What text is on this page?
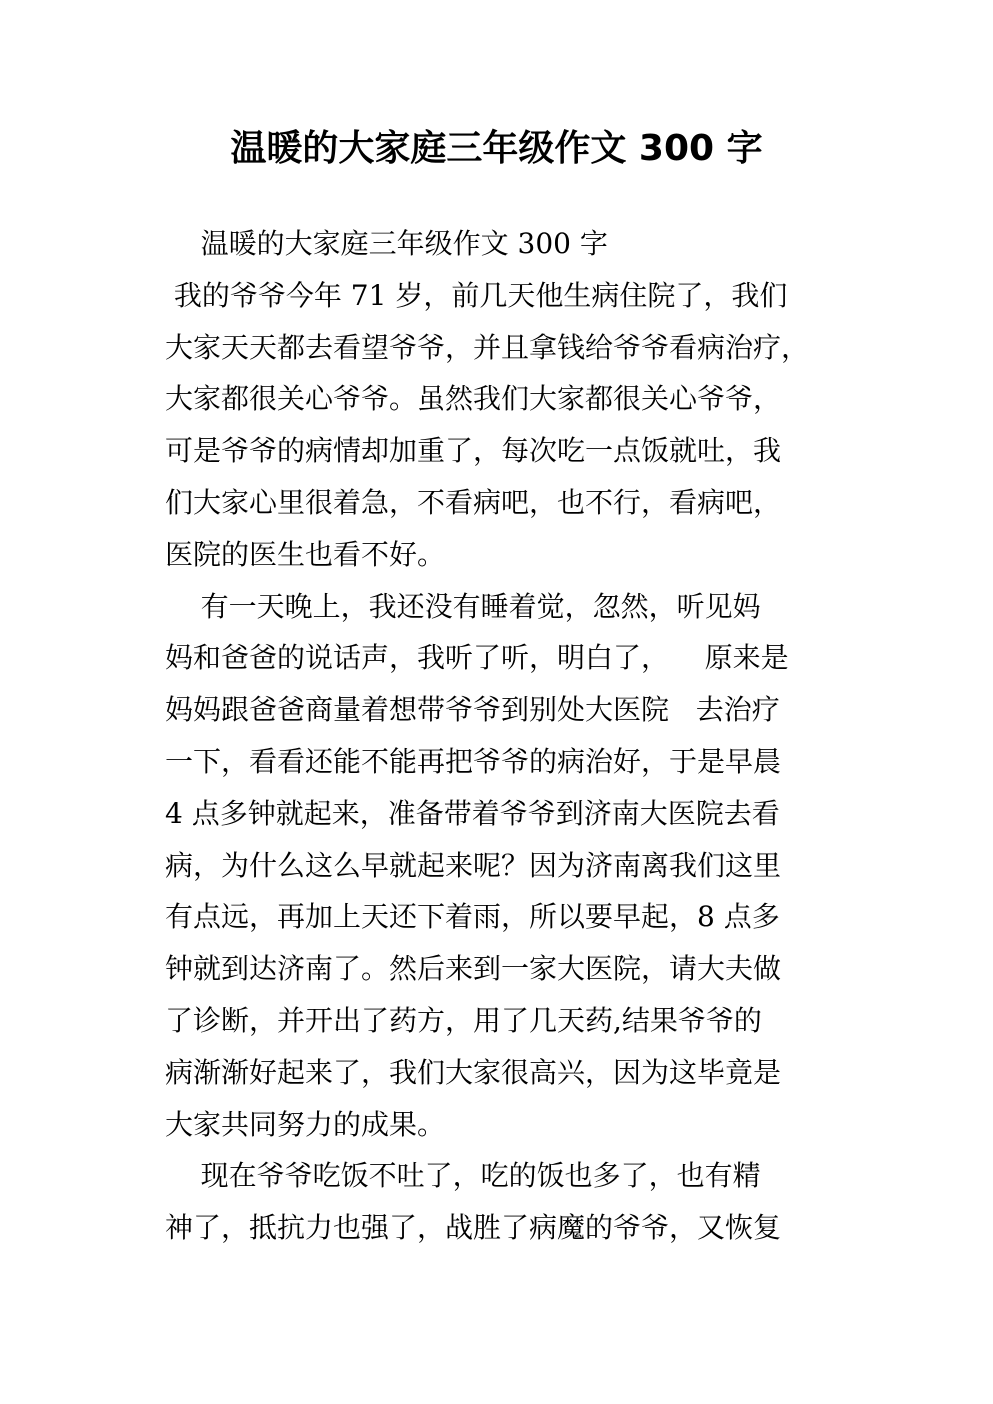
温暖的大家庭三年级作文 300 字
温暖的大家庭三年级作文 300 字
我的爷爷今年 71 岁，前几天他生病住院了，我们
大家天天都去看望爷爷，并且拿钱给爷爷看病治疗，
大家都很关心爷爷。虽然我们大家都很关心爷爷，
可是爷爷的病情却加重了，每次吃一点饭就吐，我
们大家心里很着急，不看病吧，也不行，看病吧，
医院的医生也看不好。
有一天晚上，我还没有睡着觉，忽然，听见妈
妈和爸爸的说话声，我听了听，明白了，    原来是
妈妈跟爸爸商量着想带爷爷到别处大医院   去治疗
一下，看看还能不能再把爷爷的病治好，于是早晨
4 点多钟就起来，准备带着爷爷到济南大医院去看
病，为什么这么早就起来呢？因为济南离我们这里
有点远，再加上天还下着雨，所以要早起，8 点多
钟就到达济南了。然后来到一家大医院，请大夫做
了诊断，并开出了药方，用了几天药,结果爷爷的
病渐渐好起来了，我们大家很高兴，因为这毕竟是
大家共同努力的成果。
现在爷爷吃饭不吐了，吃的饭也多了，也有精
神了，抵抗力也强了，战胜了病魔的爷爷，又恢复
